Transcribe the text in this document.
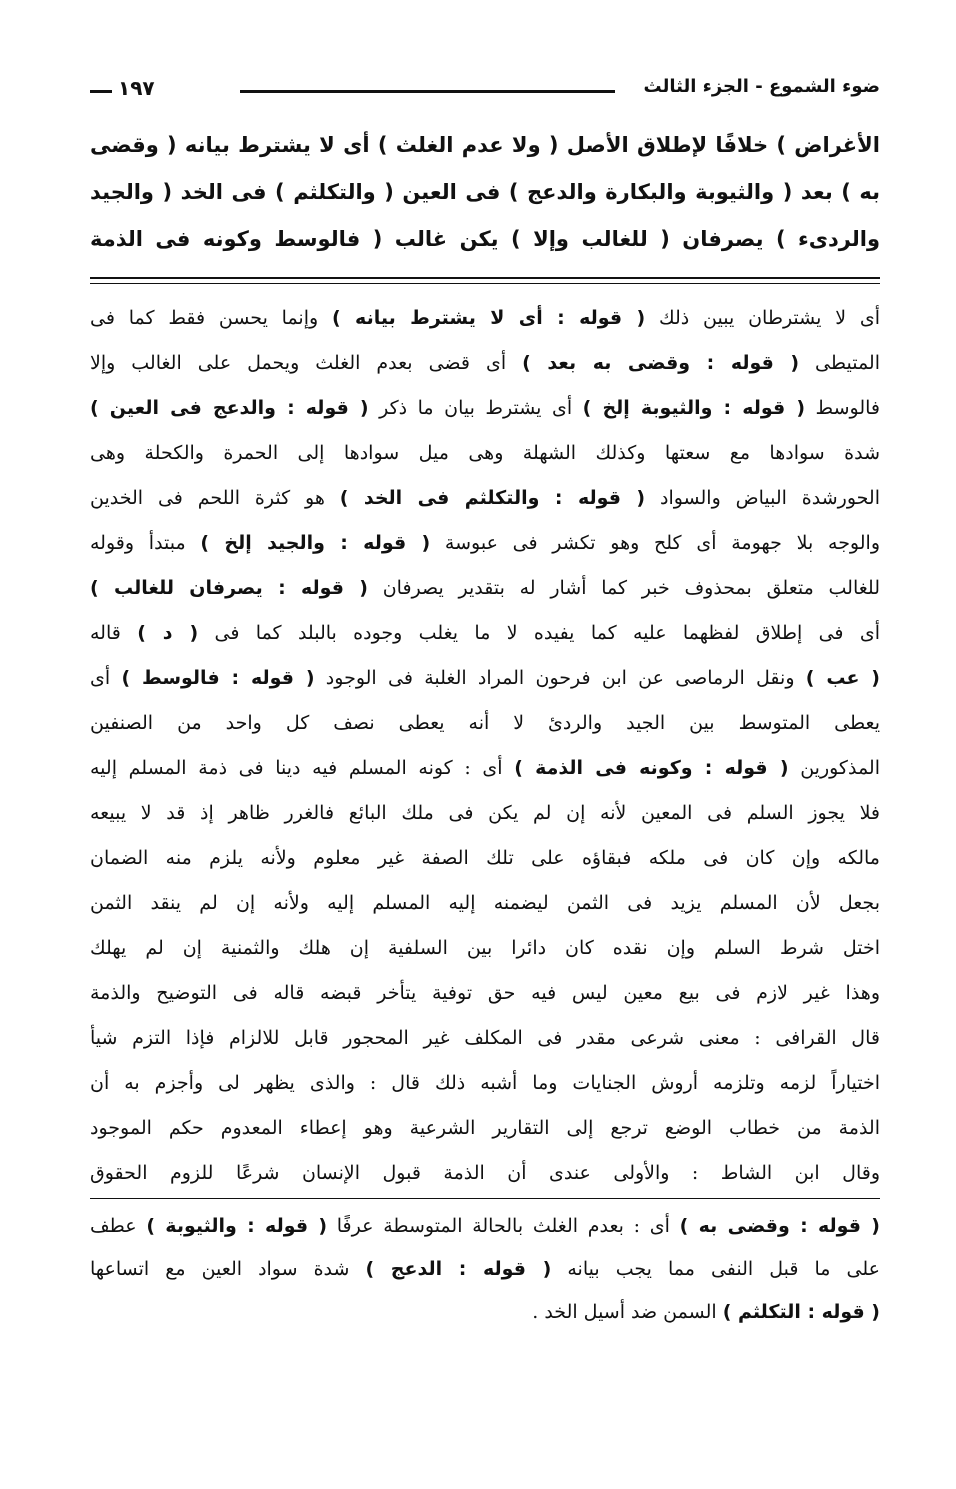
ضوء الشموع - الجزء الثالث
١٩٧
الأغراض ) خلافًا لإطلاق الأصل ( ولا عدم الغلث ) أى لا يشترط بيانه ( وقضى
به ) بعد ( والثيوبة والبكارة والدعج ) فى العين ( والتكلثم ) فى الخد ( والجيد
والردىء ) يصرفان ( للغالب وإلا ) يكن غالب ( فالوسط وكونه فى الذمة
أى لا يشترطان يبين ذلك ( قوله : أى لا يشترط بيانه ) وإنما يحسن فقط كما فى
المتيطى ( قوله : وقضى به بعد ) أى قضى بعدم الغلث ويحمل على الغالب وإلا
فالوسط ( قوله : والثيوبة إلخ ) أى يشترط بيان ما ذكر ( قوله : والدعج فى العين )
شدة سوادها مع سعتها وكذلك الشهلة وهى ميل سوادها إلى الحمرة والكحلة وهى
الحورشدة البياض والسواد ( قوله : والتكلثم فى الخد ) هو كثرة اللحم فى الخدين
والوجه بلا جهومة أى كلح وهو تكشر فى عبوسة ( قوله : والجيد إلخ ) مبتدأ وقوله
للغالب متعلق بمحذوف خبر كما أشار له بتقدير يصرفان ( قوله : يصرفان للغالب )
أى فى إطلاق لفظهما عليه كما يفيده لا ما يغلب وجوده بالبلد كما فى ( د ) قاله
( عب ) ونقل الرماصى عن ابن فرحون المراد الغلبة فى الوجود ( قوله : فالوسط ) أى
يعطى المتوسط بين الجيد والردئ لا أنه يعطى نصف كل واحد من الصنفين
المذكورين ( قوله : وكونه فى الذمة ) أى : كونه المسلم فيه دينا فى ذمة المسلم إليه
فلا يجوز السلم فى المعين لأنه إن لم يكن فى ملك البائع فالغرر ظاهر إذ قد لا يبيعه
مالكه وإن كان فى ملكه فبقاؤه على تلك الصفة غير معلوم ولأنه يلزم منه الضمان
بجعل لأن المسلم يزيد فى الثمن ليضمنه إليه المسلم إليه ولأنه إن لم ينقد الثمن
اختل شرط السلم وإن نقده كان دائرا بين السلفية إن هلك والثمنية إن لم يهلك
وهذا غير لازم فى بيع معين ليس فيه حق توفية يتأخر قبضه قاله فى التوضيح والذمة
قال القرافى : معنى شرعى مقدر فى المكلف غير المحجور قابل للالزام فإذا التزم شيأ
اختياراً لزمه وتلزمه أروش الجنايات وما أشبه ذلك قال : والذى يظهر لى وأجزم به أن
الذمة من خطاب الوضع ترجع إلى التقارير الشرعية وهو إعطاء المعدوم حكم الموجود
وقال ابن الشاط : والأولى عندى أن الذمة قبول الإنسان شرعًا للزوم الحقوق
( قوله : وقضى به ) أى : بعدم الغلث بالحالة المتوسطة عرفًا ( قوله : والثيوبة ) عطف
على ما قبل النفى مما يجب بيانه ( قوله : الدعج ) شدة سواد العين مع اتساعها
( قوله : التكلثم ) السمن ضد أسيل الخد .
